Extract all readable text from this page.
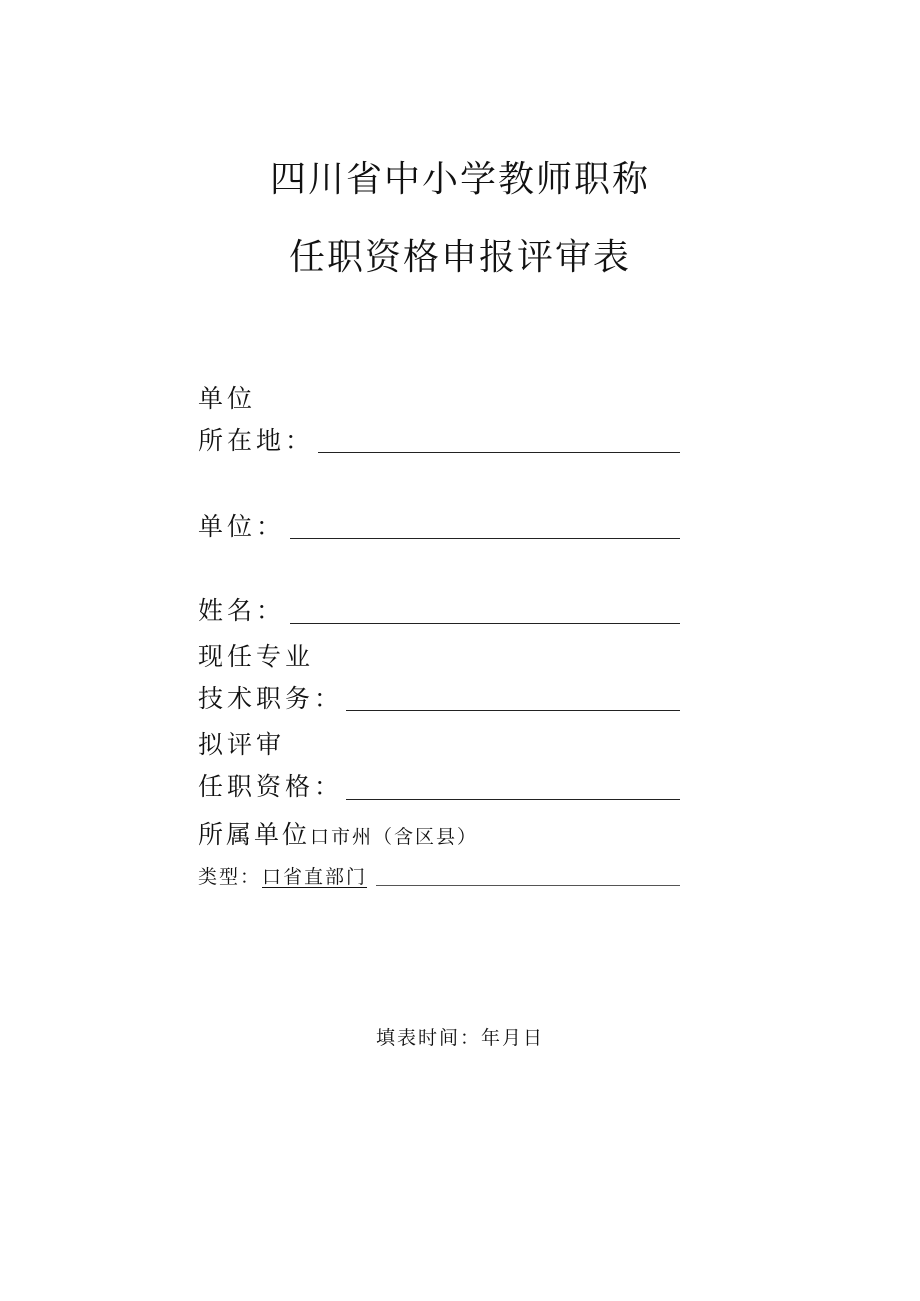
四川省中小学教师职称
任职资格申报评审表
单位
所在地：
单位：
姓名：
现任专业
技术职务：
拟评审
任职资格：
所属单位 口市州（含区县）
类型： 口省直部门
填表时间：年月日
